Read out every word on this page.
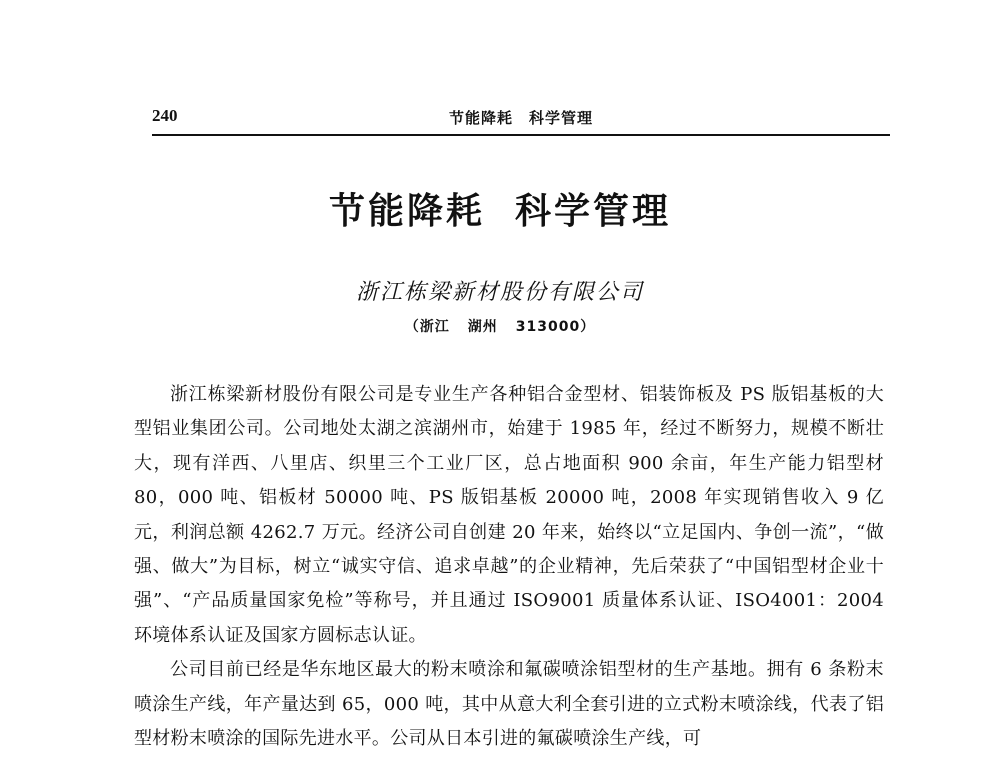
240	节能降耗　科学管理
节能降耗 科学管理
浙江栋梁新材股份有限公司
（浙江 湖州 313000）

浙江栋梁新材股份有限公司是专业生产各种铝合金型材、铝装饰板及 PS 版铝基板的大型铝业集团公司。公司地处太湖之滨湖州市，始建于 1985 年，经过不断努力，规模不断壮大，现有洋西、八里店、织里三个工业厂区，总占地面积 900 余亩，年生产能力铝型材 80，000 吨、铝板材 50000 吨、PS 版铝基板 20000 吨，2008 年实现销售收入 9 亿元，利润总额 4262.7 万元。经济公司自创建 20 年来，始终以“立足国内、争创一流”，“做强、做大”为目标，树立“诚实守信、追求卓越”的企业精神，先后荣获了“中国铝型材企业十强”、“产品质量国家免检”等称号，并且通过 ISO9001 质量体系认证、ISO4001：2004 环境体系认证及国家方圆标志认证。

公司目前已经是华东地区最大的粉末喷涂和氟碳喷涂铝型材的生产基地。拥有 6 条粉末喷涂生产线，年产量达到 65，000 吨，其中从意大利全套引进的立式粉末喷涂线，代表了铝型材粉末喷涂的国际先进水平。公司从日本引进的氟碳喷涂生产线，可
